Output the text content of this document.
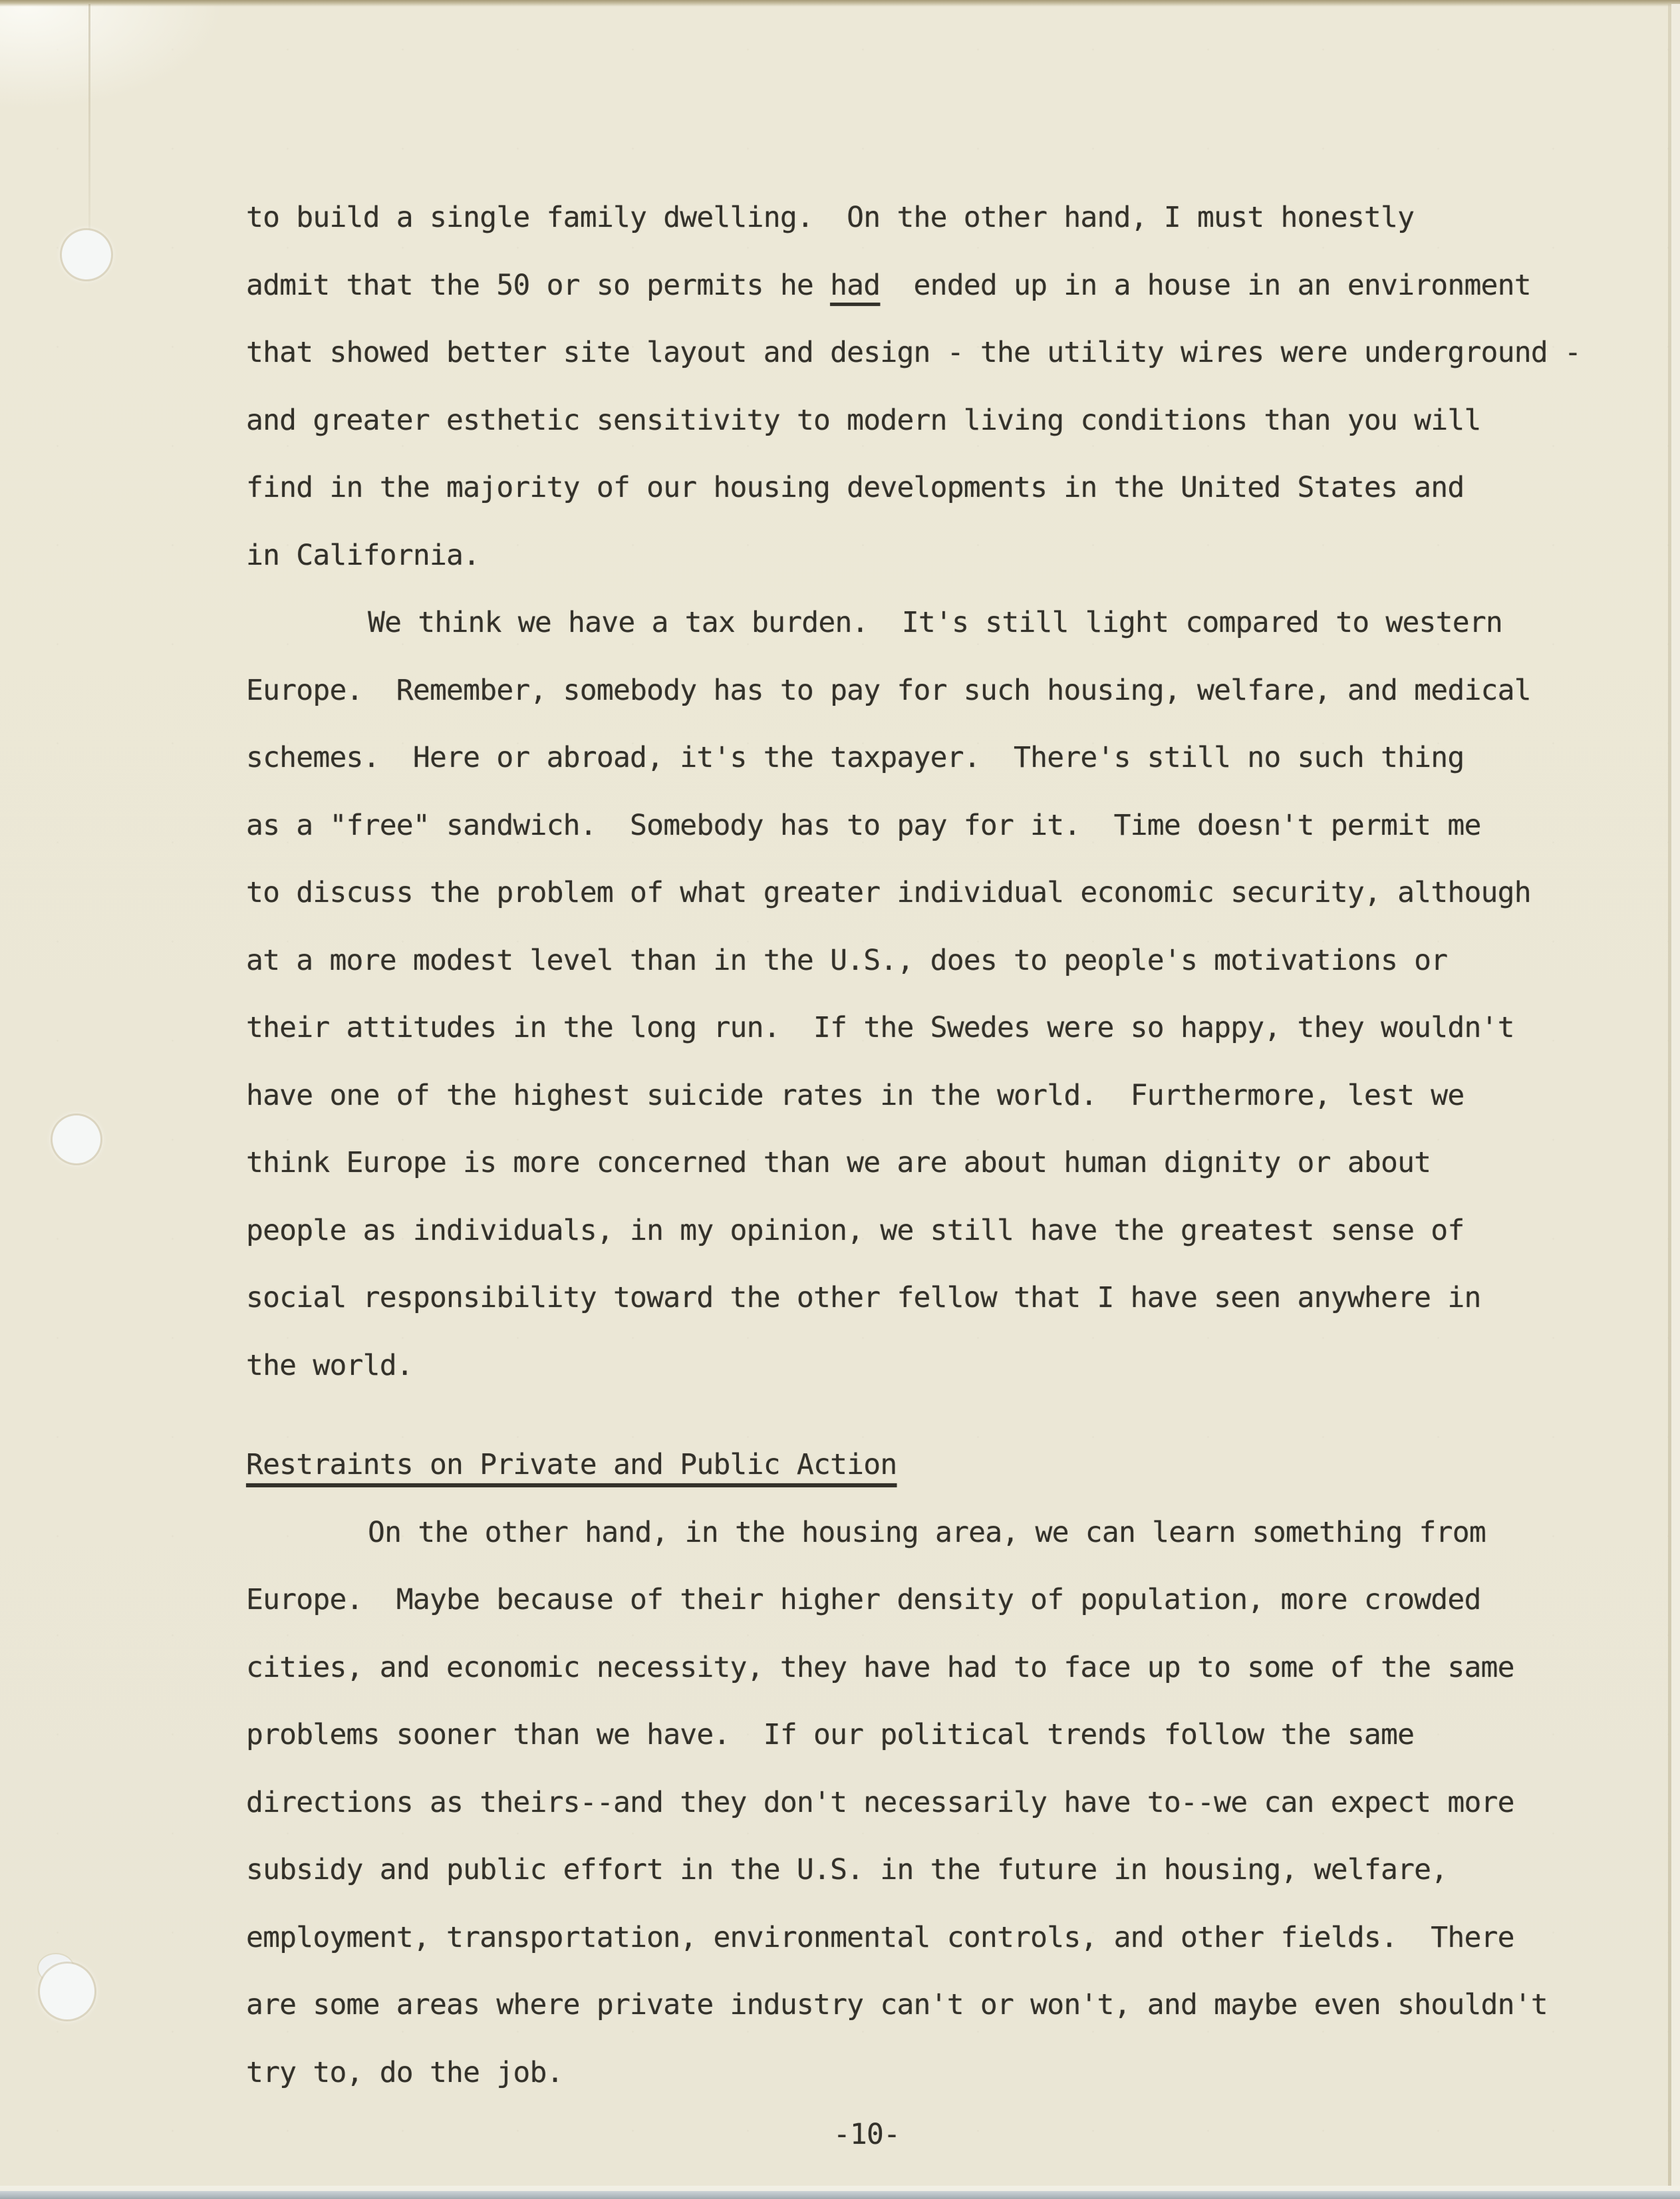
to build a single family dwelling.  On the other hand, I must honestly
admit that the 50 or so permits he had  ended up in a house in an environment
that showed better site layout and design - the utility wires were underground -
and greater esthetic sensitivity to modern living conditions than you will
find in the majority of our housing developments in the United States and
in California.
We think we have a tax burden.  It's still light compared to western
Europe.  Remember, somebody has to pay for such housing, welfare, and medical
schemes.  Here or abroad, it's the taxpayer.  There's still no such thing
as a "free" sandwich.  Somebody has to pay for it.  Time doesn't permit me
to discuss the problem of what greater individual economic security, although
at a more modest level than in the U.S., does to people's motivations or
their attitudes in the long run.  If the Swedes were so happy, they wouldn't
have one of the highest suicide rates in the world.  Furthermore, lest we
think Europe is more concerned than we are about human dignity or about
people as individuals, in my opinion, we still have the greatest sense of
social responsibility toward the other fellow that I have seen anywhere in
the world.
Restraints on Private and Public Action
On the other hand, in the housing area, we can learn something from
Europe.  Maybe because of their higher density of population, more crowded
cities, and economic necessity, they have had to face up to some of the same
problems sooner than we have.  If our political trends follow the same
directions as theirs--and they don't necessarily have to--we can expect more
subsidy and public effort in the U.S. in the future in housing, welfare,
employment, transportation, environmental controls, and other fields.  There
are some areas where private industry can't or won't, and maybe even shouldn't
try to, do the job.
-10-
